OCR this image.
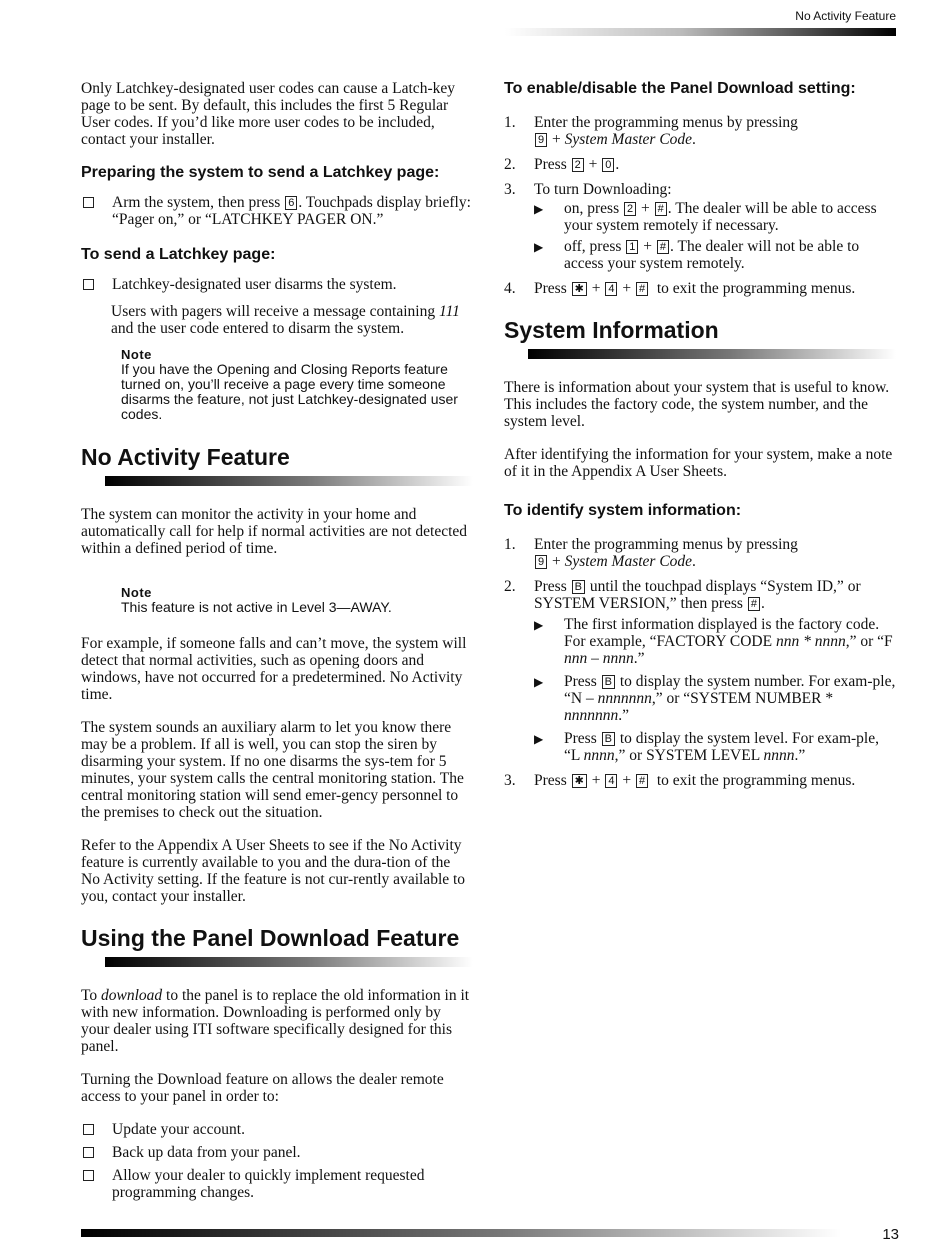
No Activity Feature

Only Latchkey-designated user codes can cause a Latch-key page to be sent. By default, this includes the first 5 Regular User codes. If you’d like more user codes to be included, contact your installer.

Preparing the system to send a Latchkey page:
Arm the system, then press 6 . Touchpads display briefly: “Pager on,” or “LATCHKEY PAGER ON.”
To send a Latchkey page:
Latchkey-designated user disarms the system.

Users with pagers will receive a message containing 111 and the user code entered to disarm the system.

Note
If you have the Opening and Closing Reports feature turned on, you’ll receive a page every time someone disarms the feature, not just Latchkey-designated user codes.
No Activity Feature

The system can monitor the activity in your home and automatically call for help if normal activities are not detected within a defined period of time.

Note
This feature is not active in Level 3—AWAY.

For example, if someone falls and can’t move, the system will detect that normal activities, such as opening doors and windows, have not occurred for a predetermined. No Activity time.

The system sounds an auxiliary alarm to let you know there may be a problem. If all is well, you can stop the siren by disarming your system. If no one disarms the sys-tem for 5 minutes, your system calls the central monitoring station. The central monitoring station will send emer-gency personnel to the premises to check out the situation.

Refer to the Appendix A User Sheets to see if the No Activity feature is currently available to you and the dura-tion of the No Activity setting. If the feature is not cur-rently available to you, contact your installer.

Using the Panel Download Feature

To download to the panel is to replace the old information in it with new information. Downloading is performed only by your dealer using ITI software specifically designed for this panel.

Turning the Download feature on allows the dealer remote access to your panel in order to:

Update your account.
Back up data from your panel.
Allow your dealer to quickly implement requested programming changes.
To enable/disable the Panel Download setting:
1.	Enter the programming menus by pressing
9 + System Master Code.
2.	Press 2 + 0 .
3.	To turn Downloading:
▶	on, press 2 + # . The dealer will be able to access your system remotely if necessary.
▶	off, press 1 + # . The dealer will not be able to access your system remotely.
4.	Press ✱ + 4 + # to exit the programming menus.
System Information

There is information about your system that is useful to know. This includes the factory code, the system number, and the system level.

After identifying the information for your system, make a note of it in the Appendix A User Sheets.

To identify system information:
1.	Enter the programming menus by pressing
9 + System Master Code.
2.	Press B until the touchpad displays “System ID,” or SYSTEM VERSION,” then press # .
▶	The first information displayed is the factory code. For example, “FACTORY CODE nnn * nnnn,” or “F nnn – nnnn.”
▶	Press B to display the system number. For exam-ple, “N – nnnnnnn,” or “SYSTEM NUMBER * nnnnnnn.”
▶	Press B to display the system level. For exam-ple, “L nnnn,” or SYSTEM LEVEL nnnn.”
3.	Press ✱ + 4 + # to exit the programming menus.
13
